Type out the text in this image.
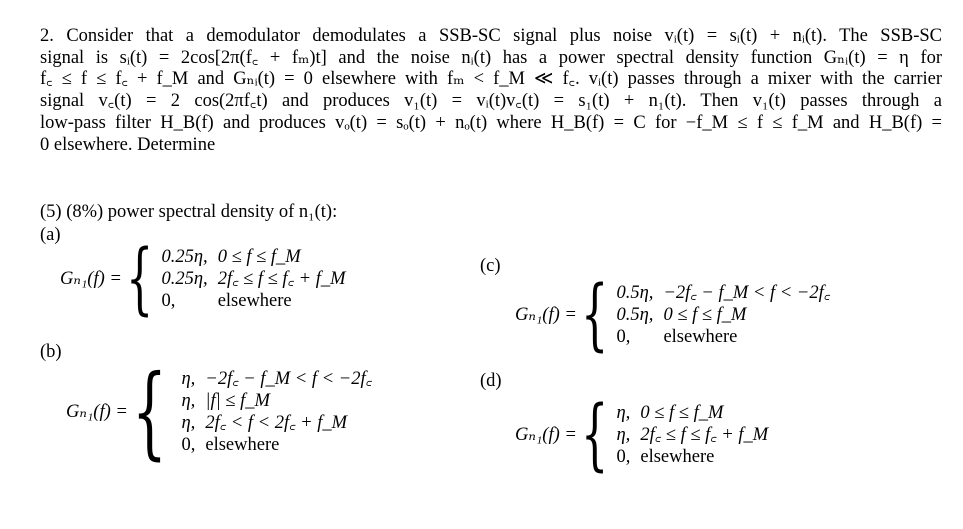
2. Consider that a demodulator demodulates a SSB-SC signal plus noise vᵢ(t) = sᵢ(t) + nᵢ(t). The SSB-SC
signal is sᵢ(t) = 2cos[2π(f꜀ + fₘ)t] and the noise nᵢ(t) has a power spectral density function Gₙᵢ(t) = η for
f꜀ ≤ f ≤ f꜀ + f_M and Gₙᵢ(t) = 0 elsewhere with fₘ < f_M ≪ f꜀. vᵢ(t) passes through a mixer with the carrier
signal v꜀(t) = 2 cos(2πf꜀t) and produces v₁(t) = vᵢ(t)v꜀(t) = s₁(t) + n₁(t). Then v₁(t) passes through a
low-pass filter H_B(f) and produces vₒ(t) = sₒ(t) + nₒ(t) where H_B(f) = C for −f_M ≤ f ≤ f_M and H_B(f) =
0 elsewhere. Determine
(5) (8%) power spectral density of n₁(t):
(a)
Gₙ₁(f) = { 0.25η, 0 ≤ f ≤ f_M
0.25η, 2f꜀ ≤ f ≤ f꜀ + f_M
0,	elsewhere
(b)
Gₙ₁(f) = { η, −2f꜀ − f_M < f < −2f꜀
η, |f| ≤ f_M
η, 2f꜀ < f < 2f꜀ + f_M
0, elsewhere
(c)
Gₙ₁(f) = { 0.5η, −2f꜀ − f_M < f < −2f꜀
0.5η, 0 ≤ f ≤ f_M
0,	elsewhere
(d)
Gₙ₁(f) = { η, 0 ≤ f ≤ f_M
η, 2f꜀ ≤ f ≤ f꜀ + f_M
0, elsewhere
